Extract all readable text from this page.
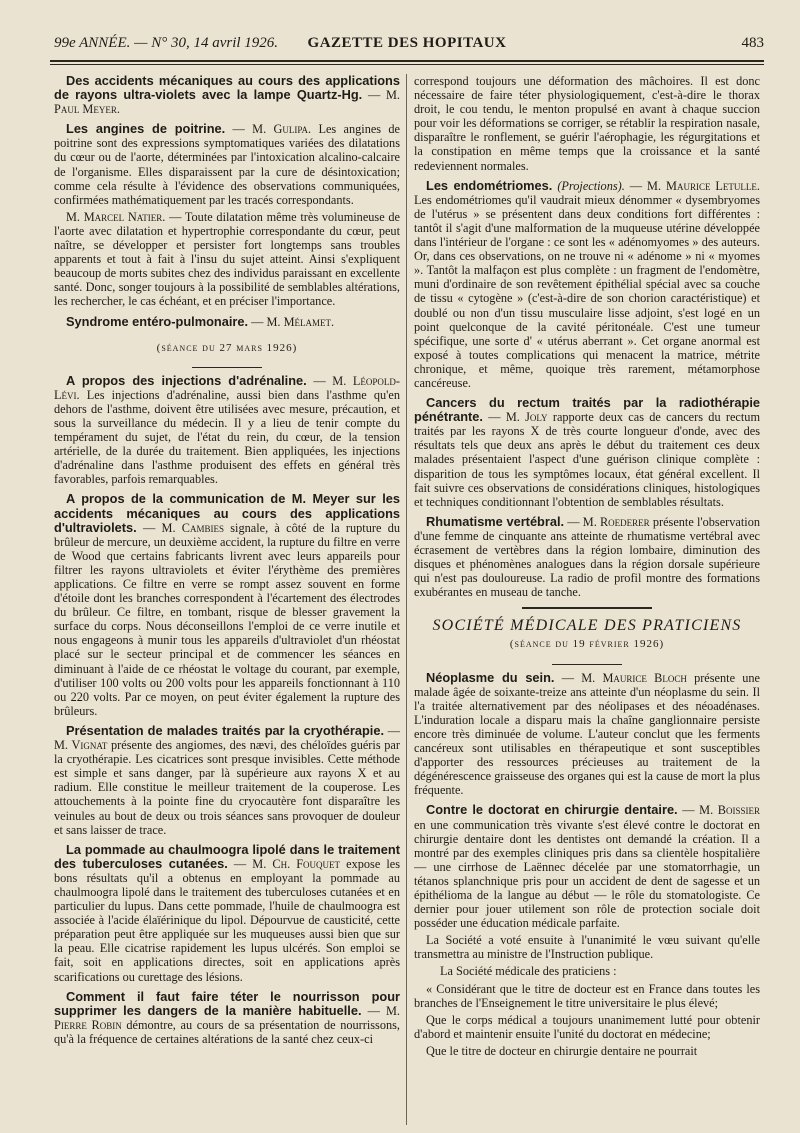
99e ANNÉE. — N° 30, 14 avril 1926.	GAZETTE DES HOPITAUX	483

Des accidents mécaniques au cours des applications de rayons ultra-violets avec la lampe Quartz-Hg. — M. Paul Meyer.

Les angines de poitrine. — M. Gulipa. Les angines de poitrine sont des expressions symptomatiques variées des dilatations du cœur ou de l'aorte, déterminées par l'intoxication alcalino-calcaire de l'organisme. Elles disparaissent par la cure de désintoxication; comme cela résulte à l'évidence des observations communiquées, confirmées mathématiquement par les tracés correspondants.

M. Marcel Natier. — Toute dilatation même très volumineuse de l'aorte avec dilatation et hypertrophie correspondante du cœur, peut naître, se développer et persister fort longtemps sans troubles apparents et tout à fait à l'insu du sujet atteint. Ainsi s'expliquent beaucoup de morts subites chez des individus paraissant en excellente santé. Donc, songer toujours à la possibilité de semblables altérations, les rechercher, le cas échéant, et en préciser l'importance.

Syndrome entéro-pulmonaire. — M. Mélamet.

(séance du 27 mars 1926)

A propos des injections d'adrénaline. — M. Léopold-Lévi. Les injections d'adrénaline, aussi bien dans l'asthme qu'en dehors de l'asthme, doivent être utilisées avec mesure, précaution, et sous la surveillance du médecin. Il y a lieu de tenir compte du tempérament du sujet, de l'état du rein, du cœur, de la tension artérielle, de la durée du traitement. Bien appliquées, les injections d'adrénaline dans l'asthme produisent des effets en général très favorables, parfois remarquables.

A propos de la communication de M. Meyer sur les accidents mécaniques au cours des applications d'ultraviolets. — M. Cambies signale, à côté de la rupture du brûleur de mercure, un deuxième accident, la rupture du filtre en verre de Wood que certains fabricants livrent avec leurs appareils pour filtrer les rayons ultraviolets et éviter l'érythème des premières applications. Ce filtre en verre se rompt assez souvent en forme d'étoile dont les branches correspondent à l'écartement des électrodes du brûleur. Ce filtre, en tombant, risque de blesser gravement la surface du corps. Nous déconseillons l'emploi de ce verre inutile et nous engageons à munir tous les appareils d'ultraviolet d'un rhéostat placé sur le secteur principal et de commencer les séances en diminuant à l'aide de ce rhéostat le voltage du courant, par exemple, d'utiliser 100 volts ou 200 volts pour les appareils fonctionnant à 110 ou 220 volts. Par ce moyen, on peut éviter également la rupture des brûleurs.

Présentation de malades traités par la cryothérapie. — M. Vignat présente des angiomes, des nævi, des chéloïdes guéris par la cryothérapie. Les cicatrices sont presque invisibles. Cette méthode est simple et sans danger, par là supérieure aux rayons X et au radium. Elle constitue le meilleur traitement de la couperose. Les attouchements à la pointe fine du cryocautère font disparaître les veinules au bout de deux ou trois séances sans provoquer de douleur et sans laisser de trace.

La pommade au chaulmoogra lipolé dans le traitement des tuberculoses cutanées. — M. Ch. Fouquet expose les bons résultats qu'il a obtenus en employant la pommade au chaulmoogra lipolé dans le traitement des tuberculoses cutanées et en particulier du lupus. Dans cette pommade, l'huile de chaulmoogra est associée à l'acide élaïérinique du lipol. Dépourvue de causticité, cette préparation peut être appliquée sur les muqueuses aussi bien que sur la peau. Elle cicatrise rapidement les lupus ulcérés. Son emploi se fait, soit en applications directes, soit en applications après scarifications ou curettage des lésions.

Comment il faut faire téter le nourrisson pour supprimer les dangers de la manière habituelle. — M. Pierre Robin démontre, au cours de sa présentation de nourrissons, qu'à la fréquence de certaines altérations de la santé chez ceux-ci

correspond toujours une déformation des mâchoires. Il est donc nécessaire de faire téter physiologiquement, c'est-à-dire le thorax droit, le cou tendu, le menton propulsé en avant à chaque succion pour voir les déformations se corriger, se rétablir la respiration nasale, disparaître le ronflement, se guérir l'aérophagie, les régurgitations et la constipation en même temps que la croissance et la santé redeviennent normales.

Les endométriomes. (Projections). — M. Maurice Letulle. Les endométriomes qu'il vaudrait mieux dénommer « dysembryomes de l'utérus » se présentent dans deux conditions fort différentes : tantôt il s'agit d'une malformation de la muqueuse utérine développée dans l'intérieur de l'organe : ce sont les « adénomyomes » des auteurs. Or, dans ces observations, on ne trouve ni « adénome » ni « myomes ». Tantôt la malfaçon est plus complète : un fragment de l'endomètre, muni d'ordinaire de son revêtement épithélial spécial avec sa couche de tissu « cytogène » (c'est-à-dire de son chorion caractéristique) et doublé ou non d'un tissu musculaire lisse adjoint, s'est logé en un point quelconque de la cavité péritonéale. C'est une tumeur spécifique, une sorte d' « utérus aberrant ». Cet organe anormal est exposé à toutes complications qui menacent la matrice, métrite chronique, et même, quoique très rarement, métamorphose cancéreuse.

Cancers du rectum traités par la radiothérapie pénétrante. — M. Joly rapporte deux cas de cancers du rectum traités par les rayons X de très courte longueur d'onde, avec des résultats tels que deux ans après le début du traitement ces deux malades présentaient l'aspect d'une guérison clinique complète : disparition de tous les symptômes locaux, état général excellent. Il fait suivre ces observations de considérations cliniques, histologiques et techniques conditionnant l'obtention de semblables résultats.

Rhumatisme vertébral. — M. Roederer présente l'observation d'une femme de cinquante ans atteinte de rhumatisme vertébral avec écrasement de vertèbres dans la région lombaire, diminution des disques et phénomènes analogues dans la région dorsale supérieure qui n'est pas douloureuse. La radio de profil montre des formations exubérantes en museau de tanche.

SOCIÉTÉ MÉDICALE DES PRATICIENS
(séance du 19 février 1926)

Néoplasme du sein. — M. Maurice Bloch présente une malade âgée de soixante-treize ans atteinte d'un néoplasme du sein. Il l'a traitée alternativement par des néolipases et des néoadénases. L'induration locale a disparu mais la chaîne ganglionnaire persiste encore très diminuée de volume. L'auteur conclut que les ferments cancéreux sont utilisables en thérapeutique et sont susceptibles d'apporter des ressources précieuses au traitement de la dégénérescence graisseuse des organes qui est la cause de mort la plus fréquente.

Contre le doctorat en chirurgie dentaire. — M. Boissier en une communication très vivante s'est élevé contre le doctorat en chirurgie dentaire dont les dentistes ont demandé la création. Il a montré par des exemples cliniques pris dans sa clientèle hospitalière — une cirrhose de Laënnec décelée par une stomatorrhagie, un tétanos splanchnique pris pour un accident de dent de sagesse et un épithélioma de la langue au début — le rôle du stomatologiste. Ce dernier pour jouer utilement son rôle de protection sociale doit posséder une éducation médicale parfaite.

La Société a voté ensuite à l'unanimité le vœu suivant qu'elle transmettra au ministre de l'Instruction publique.

La Société médicale des praticiens :

« Considérant que le titre de docteur est en France dans toutes les branches de l'Enseignement le titre universitaire le plus élevé;

Que le corps médical a toujours unanimement lutté pour obtenir d'abord et maintenir ensuite l'unité du doctorat en médecine;

Que le titre de docteur en chirurgie dentaire ne pourrait
